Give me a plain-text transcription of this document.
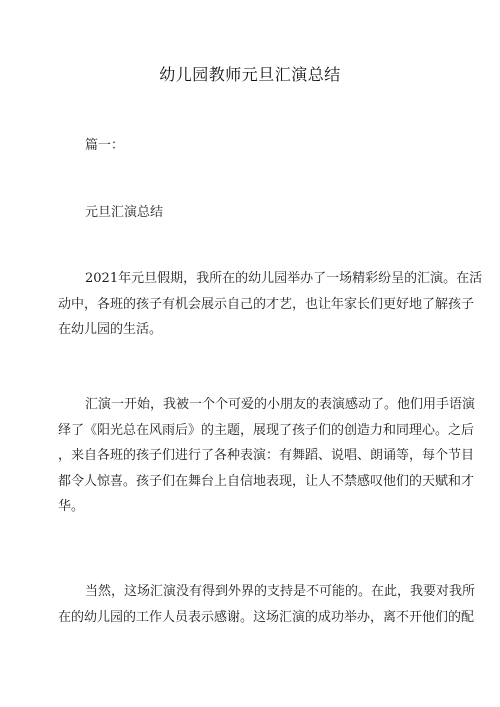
幼儿园教师元旦汇演总结
篇一：
元旦汇演总结
2021年元旦假期，我所在的幼儿园举办了一场精彩纷呈的汇演。在活
动中，各班的孩子有机会展示自己的才艺，也让年家长们更好地了解孩子
在幼儿园的生活。
汇演一开始，我被一个个可爱的小朋友的表演感动了。他们用手语演
绎了《阳光总在风雨后》的主题，展现了孩子们的创造力和同理心。之后
，来自各班的孩子们进行了各种表演：有舞蹈、说唱、朗诵等，每个节目
都令人惊喜。孩子们在舞台上自信地表现，让人不禁感叹他们的天赋和才
华。
当然，这场汇演没有得到外界的支持是不可能的。在此，我要对我所
在的幼儿园的工作人员表示感谢。这场汇演的成功举办，离不开他们的配
